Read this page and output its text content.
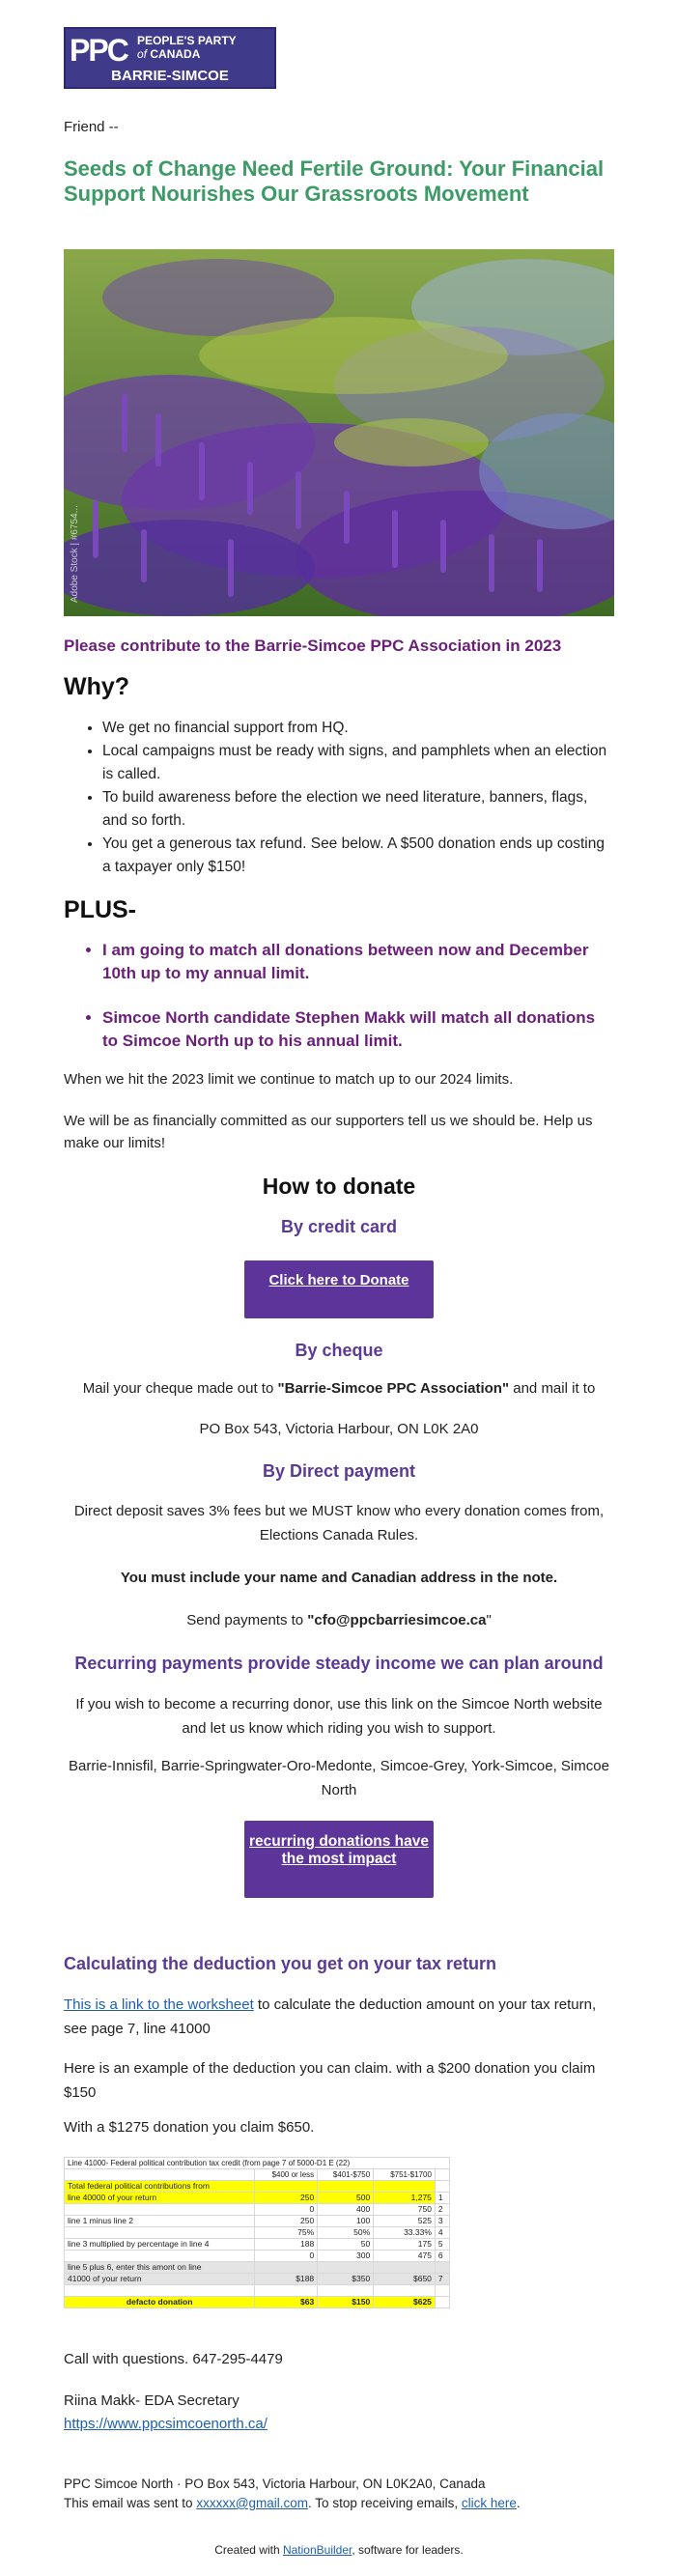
PPC PEOPLE'S PARTY
of CANADA
BARRIE-SIMCOE

Friend --

Seeds of Change Need Fertile Ground: Your Financial Support Nourishes Our Grassroots Movement
Adobe Stock | #6754...
Please contribute to the Barrie-Simcoe PPC Association in 2023
Why?
• We get no financial support from HQ.
• Local campaigns must be ready with signs, and pamphlets when an election is called.
• To build awareness before the election we need literature, banners, flags, and so forth.
• You get a generous tax refund. See below. A $500 donation ends up costing a taxpayer only $150!
PLUS-
• I am going to match all donations between now and December 10th up to my annual limit.
• Simcoe North candidate Stephen Makk will match all donations to Simcoe North up to his annual limit.

When we hit the 2023 limit we continue to match up to our 2024 limits.

We will be as financially committed as our supporters tell us we should be. Help us make our limits!

How to donate
By credit card
Click here to Donate
By cheque

Mail your cheque made out to "Barrie-Simcoe PPC Association" and mail it to

PO Box 543, Victoria Harbour, ON L0K 2A0

By Direct payment

Direct deposit saves 3% fees but we MUST know who every donation comes from, Elections Canada Rules.

You must include your name and Canadian address in the note.

Send payments to "cfo@ppcbarriesimcoe.ca"

Recurring payments provide steady income we can plan around

If you wish to become a recurring donor, use this link on the Simcoe North website and let us know which riding you wish to support.

Barrie-Innisfil, Barrie-Springwater-Oro-Medonte, Simcoe-Grey, York-Simcoe, Simcoe North

recurring donations have the most impact
Calculating the deduction you get on your tax return

This is a link to the worksheet to calculate the deduction amount on your tax return, see page 7, line 41000

Here is an example of the deduction you can claim. with a $200 donation you claim $150

With a $1275 donation you claim $650.

Line 41000- Federal political contribution tax credit (from page 7 of 5000-D1 E (22)				
	$400 or less	$401-$750	$751-$1700	
Total federal political contributions from				
line 40000 of your return	250	500	1,275	1
	0	400	750	2
line 1 minus line 2	250	100	525	3
	75%	50%	33.33%	4
line 3 multiplied by percentage in line 4	188	50	175	5
	0	300	475	6
line 5 plus 6, enter this amont on line				
41000 of your return	$188	$350	$650	7

defacto donation	$63	$150	$625	

Call with questions. 647-295-4479

Riina Makk- EDA Secretary
https://www.ppcsimcoenorth.ca/

PPC Simcoe North · PO Box 543, Victoria Harbour, ON L0K2A0, Canada
This email was sent to xxxxxx@gmail.com. To stop receiving emails, click here.

Created with NationBuilder, software for leaders.
